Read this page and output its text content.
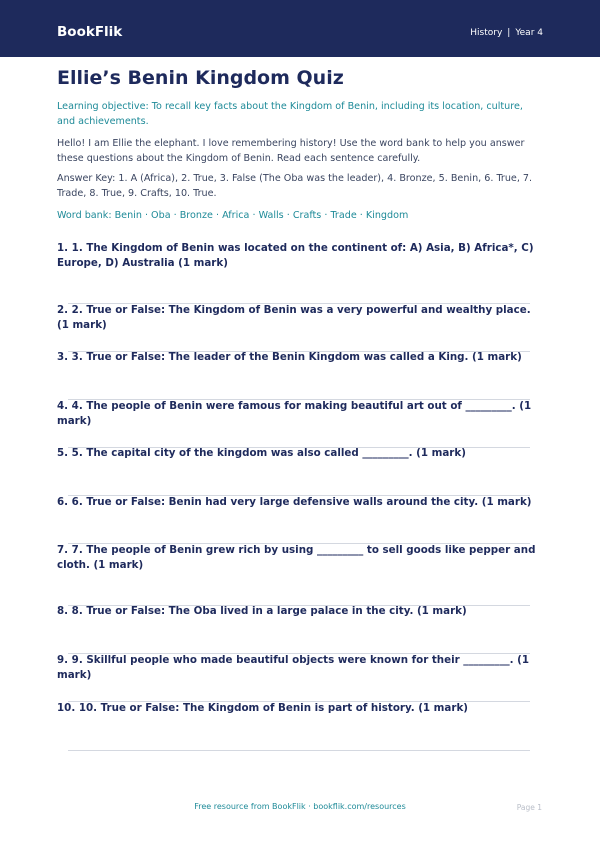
BookFlik	History | Year 4
Ellie’s Benin Kingdom Quiz

Learning objective: To recall key facts about the Kingdom of Benin, including its location, culture, and achievements.

Hello! I am Ellie the elephant. I love remembering history! Use the word bank to help you answer these questions about the Kingdom of Benin. Read each sentence carefully.

Answer Key: 1. A (Africa), 2. True, 3. False (The Oba was the leader), 4. Bronze, 5. Benin, 6. True, 7. Trade, 8. True, 9. Crafts, 10. True.

Word bank: Benin · Oba · Bronze · Africa · Walls · Crafts · Trade · Kingdom

1. 1. The Kingdom of Benin was located on the continent of: A) Asia, B) Africa*, C) Europe, D) Australia (1 mark)

2. 2. True or False: The Kingdom of Benin was a very powerful and wealthy place. (1 mark)

3. 3. True or False: The leader of the Benin Kingdom was called a King. (1 mark)

4. 4. The people of Benin were famous for making beautiful art out of _________. (1 mark)

5. 5. The capital city of the kingdom was also called _________. (1 mark)

6. 6. True or False: Benin had very large defensive walls around the city. (1 mark)

7. 7. The people of Benin grew rich by using _________ to sell goods like pepper and cloth. (1 mark)

8. 8. True or False: The Oba lived in a large palace in the city. (1 mark)

9. 9. Skillful people who made beautiful objects were known for their _________. (1 mark)

10. 10. True or False: The Kingdom of Benin is part of history. (1 mark)

Free resource from BookFlik · bookflik.com/resources	Page 1
